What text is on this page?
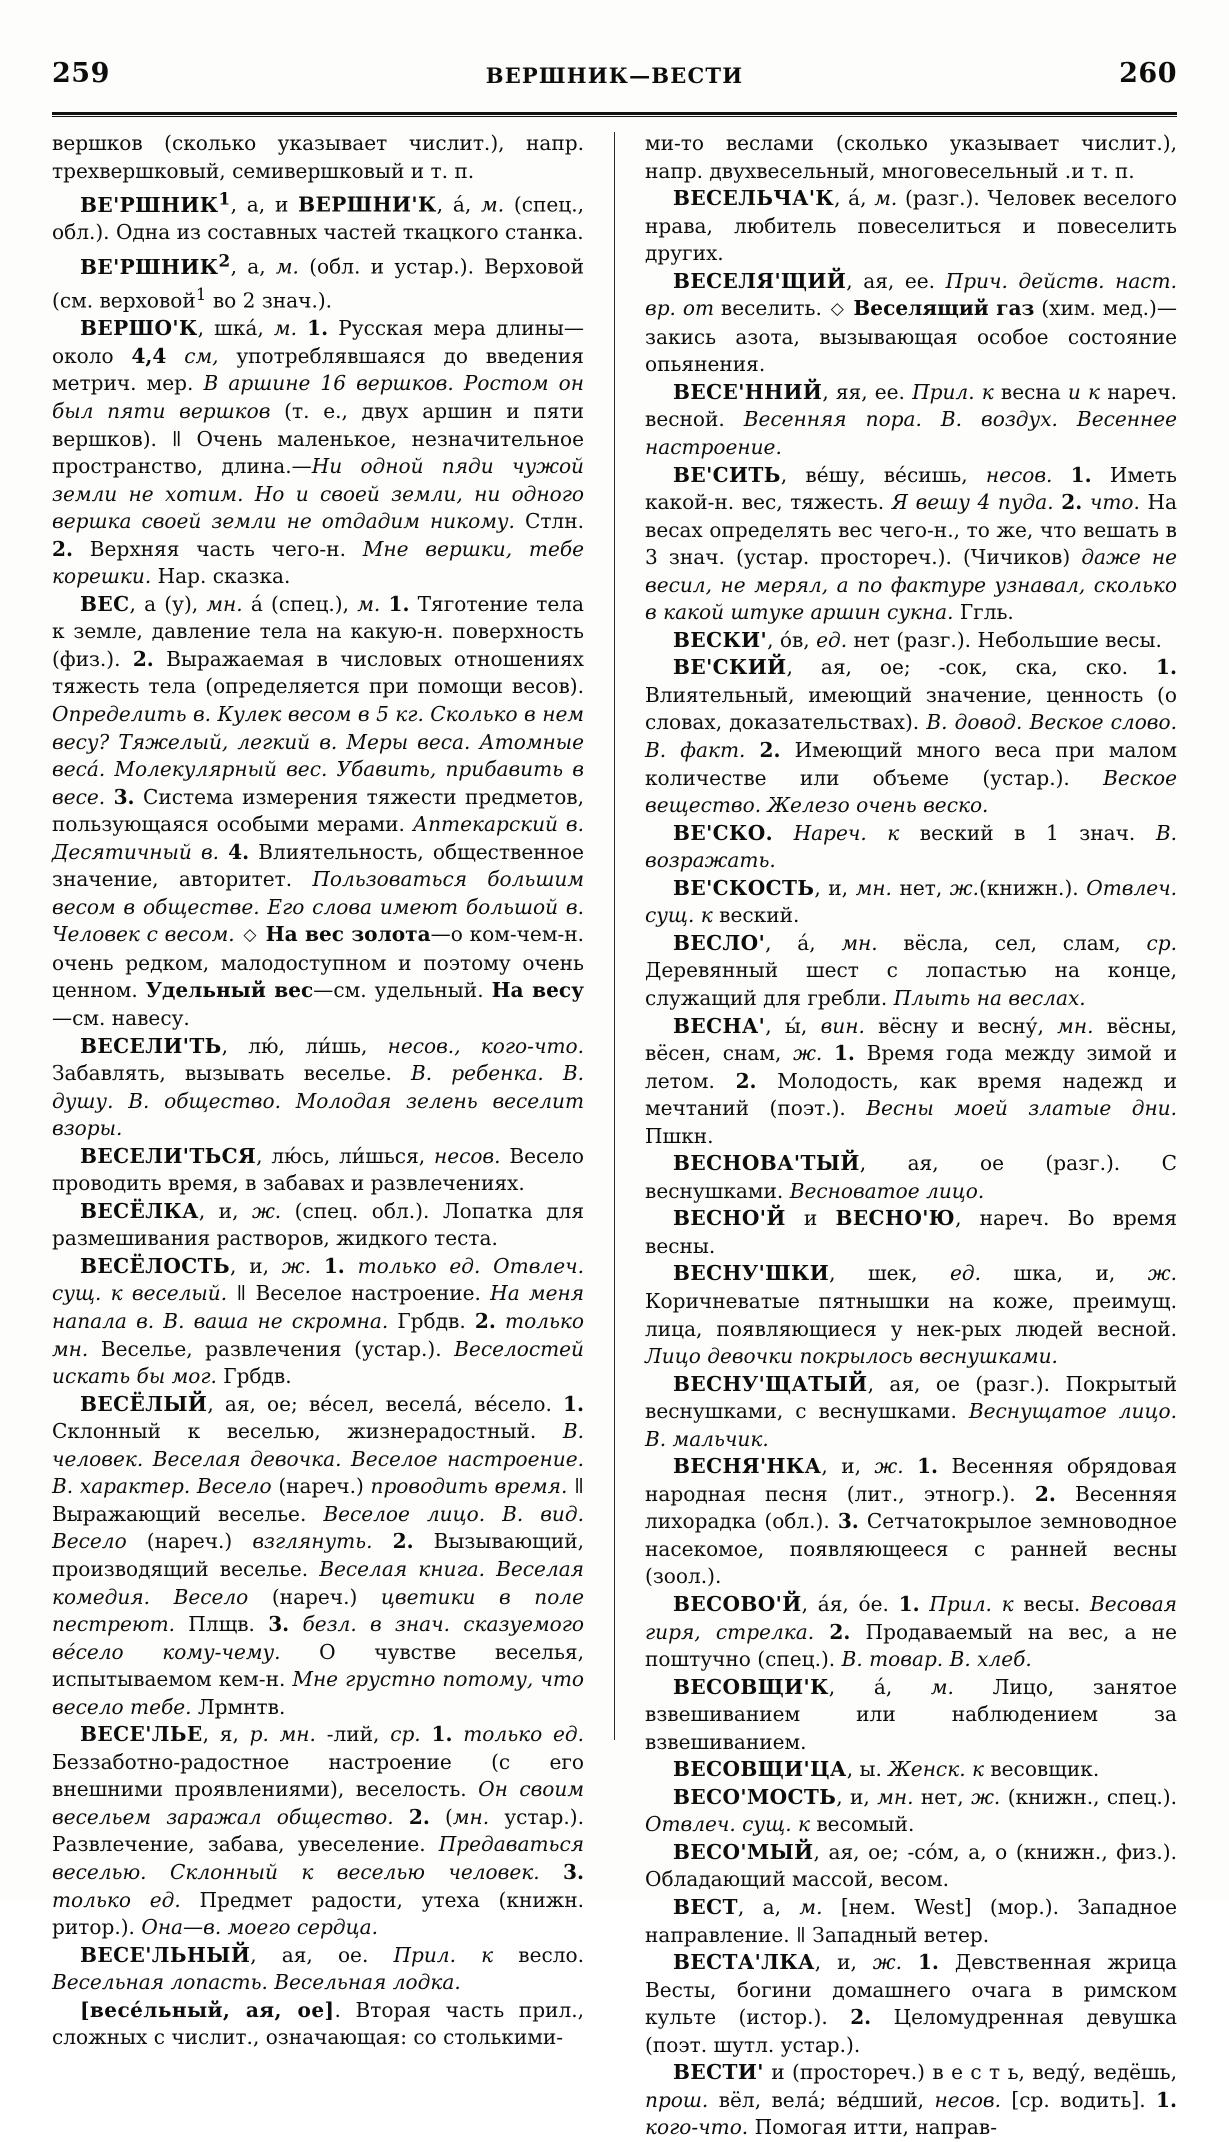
259	ВЕРШНИК—ВЕСТИ	260

вершков (сколько указывает числит.), напр. трехвершковый, семивершковый и т. п.

ВЕ'РШНИК$^1$, а, и ВЕРШНИ'К, á, м. (спец., обл.). Одна из составных частей ткацкого станка.

ВЕ'РШНИК$^2$, а, м. (обл. и устар.). Верховой (см. верховой$^1$ во 2 знач.).

ВЕРШО'К, шка́, м. 1. Русская мера длины—около 4,4 см, употреблявшаяся до введения метрич. мер. В аршине 16 вершков. Ростом он был пяти вершков (т. е., двух аршин и пяти вершков). ǁ Очень маленькое, незначительное пространство, длина.—Ни одной пяди чужой земли не хотим. Но и своей земли, ни одного вершка своей земли не отдадим никому. Стлн. 2. Верхняя часть чего-н. Мне вершки, тебе корешки. Нар. сказка.

ВЕС, а (у), мн. á (спец.), м. 1. Тяготение тела к земле, давление тела на какую-н. поверхность (физ.). 2. Выражаемая в числовых отношениях тяжесть тела (определяется при помощи весов). Определить в. Кулек весом в 5 кг. Сколько в нем весу? Тяжелый, легкий в. Меры веса. Атомные веса́. Молекулярный вес. Убавить, прибавить в весе. 3. Система измерения тяжести предметов, пользующаяся особыми мерами. Аптекарский в. Десятичный в. 4. Влиятельность, общественное значение, авторитет. Пользоваться большим весом в обществе. Его слова имеют большой в. Человек с весом. ◇ На вес золота—о ком-чем-н. очень редком, малодоступном и поэтому очень ценном. Удельный вес—см. удельный. На весу—см. навесу.

ВЕСЕЛИ'ТЬ, лю́, ли́шь, несов., кого-что. Забавлять, вызывать веселье. В. ребенка. В. душу. В. общество. Молодая зелень веселит взоры.

ВЕСЕЛИ'ТЬСЯ, лю́сь, ли́шься, несов. Весело проводить время, в забавах и развлечениях.

ВЕСЁЛКА, и, ж. (спец. обл.). Лопатка для размешивания растворов, жидкого теста.

ВЕСЁЛОСТЬ, и, ж. 1. только ед. Отвлеч. сущ. к веселый. ǁ Веселое настроение. На меня напала в. В. ваша не скромна. Грбдв. 2. только мн. Веселье, развлечения (устар.). Веселостей искать бы мог. Грбдв.

ВЕСЁЛЫЙ, ая, ое; ве́сел, весела́, ве́село. 1. Склонный к веселью, жизнерадостный. В. человек. Веселая девочка. Веселое настроение. В. характер. Весело (нареч.) проводить время. ǁ Выражающий веселье. Веселое лицо. В. вид. Весело (нареч.) взглянуть. 2. Вызывающий, производящий веселье. Веселая книга. Веселая комедия. Весело (нареч.) цветики в поле пестреют. Плщв. 3. безл. в знач. сказуемого ве́село кому-чему. О чувстве веселья, испытываемом кем-н. Мне грустно потому, что весело тебе. Лрмнтв.

ВЕСЕ'ЛЬЕ, я, р. мн. -лий, ср. 1. только ед. Беззаботно-радостное настроение (с его внешними проявлениями), веселость. Он своим весельем заражал общество. 2. (мн. устар.). Развлечение, забава, увеселение. Предаваться веселью. Склонный к веселью человек. 3. только ед. Предмет радости, утеха (книжн. ритор.). Она—в. моего сердца.

ВЕСЕ'ЛЬНЫЙ, ая, ое. Прил. к весло. Весельная лопасть. Весельная лодка.

[весе́льный, ая, ое]. Вторая часть прил., сложных с числит., означающая: со столькими-

ми-то веслами (сколько указывает числит.), напр. двухвесельный, многовесельный .и т. п.

ВЕСЕЛЬЧА'К, á, м. (разг.). Человек веселого нрава, любитель повеселиться и повеселить других.

ВЕСЕЛЯ'ЩИЙ, ая, ее. Прич. действ. наст. вр. от веселить. ◇ Веселящий газ (хим. мед.)—закись азота, вызывающая особое состояние опьянения.

ВЕСЕ'ННИЙ, яя, ее. Прил. к весна и к нареч. весной. Весенняя пора. В. воздух. Весеннее настроение.

ВЕ'СИТЬ, ве́шу, ве́сишь, несов. 1. Иметь какой-н. вес, тяжесть. Я вешу 4 пуда. 2. что. На весах определять вес чего-н., то же, что вешать в 3 знач. (устар. простореч.). (Чичиков) даже не весил, не мерял, а по фактуре узнавал, сколько в какой штуке аршин сукна. Ггль.

ВЕСКИ', о́в, ед. нет (разг.). Небольшие весы.

ВЕ'СКИЙ, ая, ое; -сок, ска, ско. 1. Влиятельный, имеющий значение, ценность (о словах, доказательствах). В. довод. Веское слово. В. факт. 2. Имеющий много веса при малом количестве или объеме (устар.). Веское вещество. Железо очень веско.

ВЕ'СКО. Нареч. к веский в 1 знач. В. возражать.

ВЕ'СКОСТЬ, и, мн. нет, ж.(книжн.). Отвлеч. сущ. к веский.

ВЕСЛО', á, мн. вёсла, сел, слам, ср. Деревянный шест с лопастью на конце, служащий для гребли. Плыть на веслах.

ВЕСНА', ы́, вин. вёсну и весну́, мн. вёсны, вёсен, снам, ж. 1. Время года между зимой и летом. 2. Молодость, как время надежд и мечтаний (поэт.). Весны моей златые дни. Пшкн.

ВЕСНОВА'ТЫЙ, ая, ое (разг.). С веснушками. Весноватое лицо.

ВЕСНО'Й и ВЕСНО'Ю, нареч. Во время весны.

ВЕСНУ'ШКИ, шек, ед. шка, и, ж. Коричневатые пятнышки на коже, преимущ. лица, появляющиеся у нек-рых людей весной. Лицо девочки покрылось веснушками.

ВЕСНУ'ЩАТЫЙ, ая, ое (разг.). Покрытый веснушками, с веснушками. Веснущатое лицо. В. мальчик.

ВЕСНЯ'НКА, и, ж. 1. Весенняя обрядовая народная песня (лит., этногр.). 2. Весенняя лихорадка (обл.). 3. Сетчатокрылое земноводное насекомое, появляющееся с ранней весны (зоол.).

ВЕСОВО'Й, áя, óе. 1. Прил. к весы. Весовая гиря, стрелка. 2. Продаваемый на вес, а не поштучно (спец.). В. товар. В. хлеб.

ВЕСОВЩИ'К, á, м. Лицо, занятое взвешиванием или наблюдением за взвешиванием.

ВЕСОВЩИ'ЦА, ы. Женск. к весовщик.

ВЕСО'МОСТЬ, и, мн. нет, ж. (книжн., спец.). Отвлеч. сущ. к весомый.

ВЕСО'МЫЙ, ая, ое; -со́м, а, о (книжн., физ.). Обладающий массой, весом.

ВЕСТ, а, м. [нем. West] (мор.). Западное направление. ǁ Западный ветер.

ВЕСТА'ЛКА, и, ж. 1. Девственная жрица Весты, богини домашнего очага в римском культе (истор.). 2. Целомудренная девушка (поэт. шутл. устар.).

ВЕСТИ' и (простореч.) в е с т ь, веду́, ведёшь, прош. вёл, вела́; ве́дший, несов. [ср. водить]. 1. кого-что. Помогая итти, направ-
